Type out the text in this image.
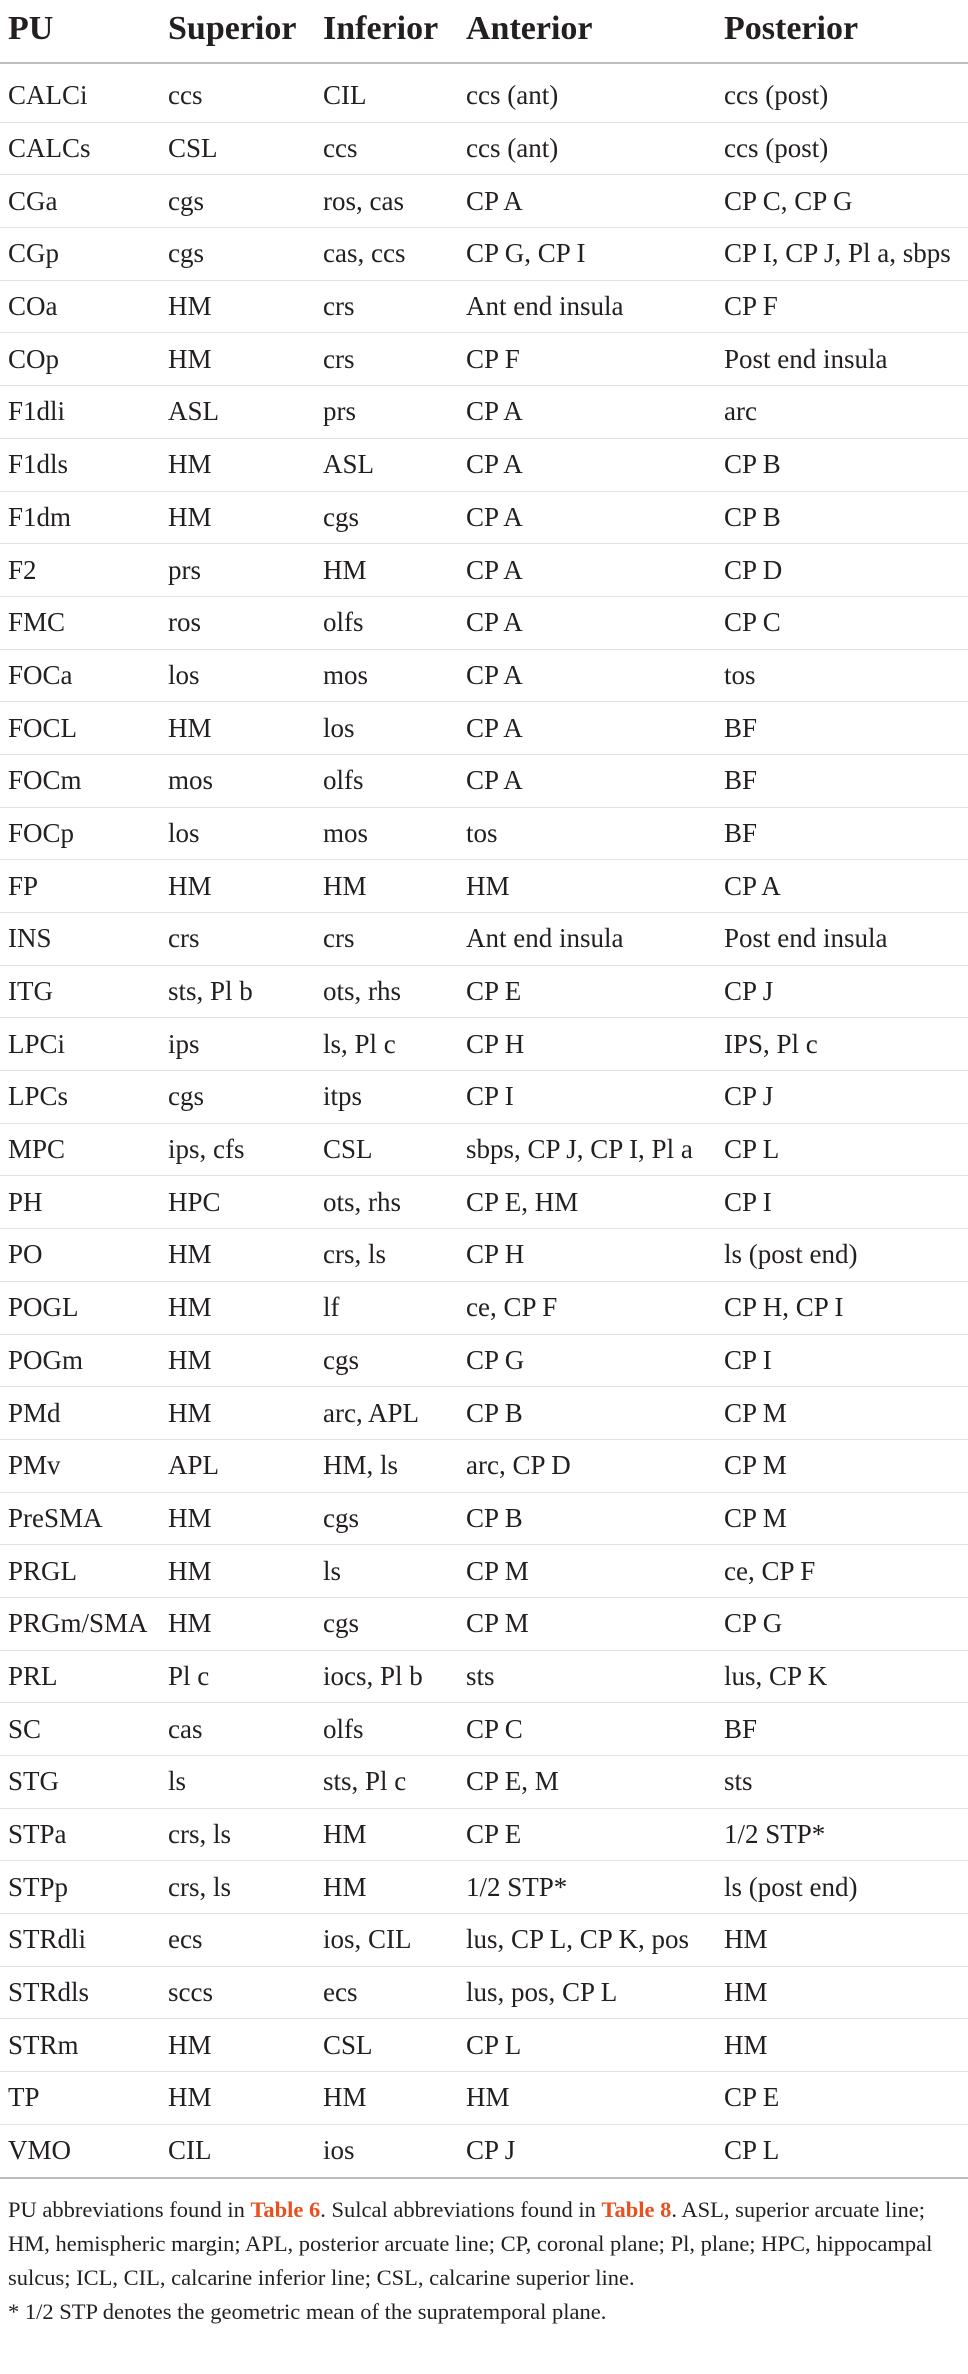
PU	Superior	Inferior	Anterior	Posterior
CALCi	ccs	CIL	ccs (ant)	ccs (post)
CALCs	CSL	ccs	ccs (ant)	ccs (post)
CGa	cgs	ros, cas	CP A	CP C, CP G
CGp	cgs	cas, ccs	CP G, CP I	CP I, CP J, Pl a, sbps
COa	HM	crs	Ant end insula	CP F
COp	HM	crs	CP F	Post end insula
F1dli	ASL	prs	CP A	arc
F1dls	HM	ASL	CP A	CP B
F1dm	HM	cgs	CP A	CP B
F2	prs	HM	CP A	CP D
FMC	ros	olfs	CP A	CP C
FOCa	los	mos	CP A	tos
FOCL	HM	los	CP A	BF
FOCm	mos	olfs	CP A	BF
FOCp	los	mos	tos	BF
FP	HM	HM	HM	CP A
INS	crs	crs	Ant end insula	Post end insula
ITG	sts, Pl b	ots, rhs	CP E	CP J
LPCi	ips	ls, Pl c	CP H	IPS, Pl c
LPCs	cgs	itps	CP I	CP J
MPC	ips, cfs	CSL	sbps, CP J, CP I, Pl a	CP L
PH	HPC	ots, rhs	CP E, HM	CP I
PO	HM	crs, ls	CP H	ls (post end)
POGL	HM	lf	ce, CP F	CP H, CP I
POGm	HM	cgs	CP G	CP I
PMd	HM	arc, APL	CP B	CP M
PMv	APL	HM, ls	arc, CP D	CP M
PreSMA	HM	cgs	CP B	CP M
PRGL	HM	ls	CP M	ce, CP F
PRGm/SMA	HM	cgs	CP M	CP G
PRL	Pl c	iocs, Pl b	sts	lus, CP K
SC	cas	olfs	CP C	BF
STG	ls	sts, Pl c	CP E, M	sts
STPa	crs, ls	HM	CP E	1/2 STP*
STPp	crs, ls	HM	1/2 STP*	ls (post end)
STRdli	ecs	ios, CIL	lus, CP L, CP K, pos	HM
STRdls	sccs	ecs	lus, pos, CP L	HM
STRm	HM	CSL	CP L	HM
TP	HM	HM	HM	CP E
VMO	CIL	ios	CP J	CP L

PU abbreviations found in Table 6. Sulcal abbreviations found in Table 8. ASL, superior arcuate line; HM, hemispheric margin; APL, posterior arcuate line; CP, coronal plane; Pl, plane; HPC, hippocampal sulcus; ICL, CIL, calcarine inferior line; CSL, calcarine superior line.

* 1/2 STP denotes the geometric mean of the supratemporal plane.
